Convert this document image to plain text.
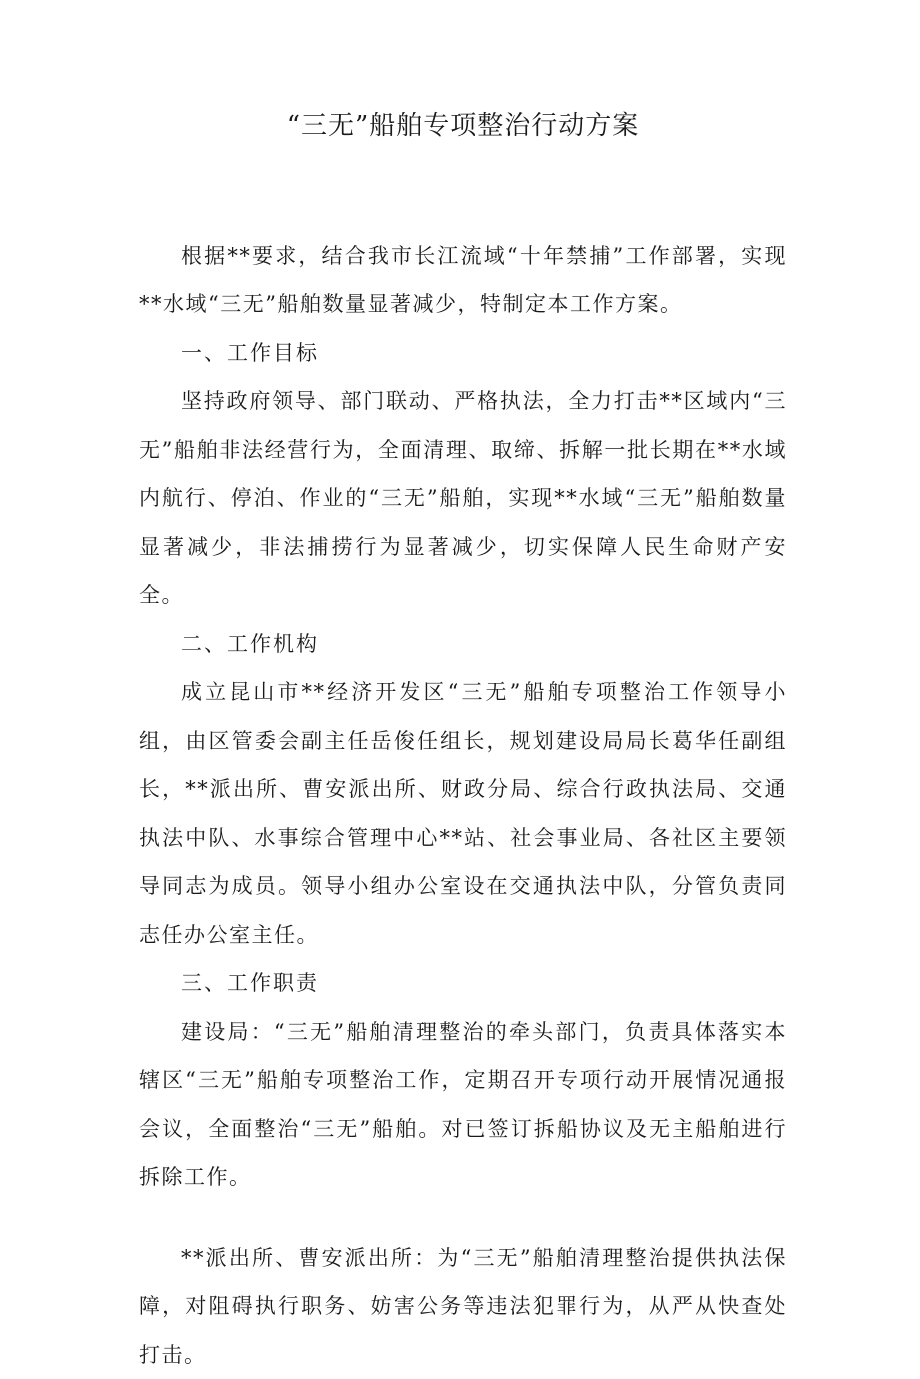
“三无”船舶专项整治行动方案

根据**要求，结合我市长江流域“十年禁捕”工作部署，实现**水域“三无”船舶数量显著减少，特制定本工作方案。

一、工作目标

坚持政府领导、部门联动、严格执法，全力打击**区域内“三无”船舶非法经营行为，全面清理、取缔、拆解一批长期在**水域内航行、停泊、作业的“三无”船舶，实现**水域“三无”船舶数量显著减少，非法捕捞行为显著减少，切实保障人民生命财产安全。

二、工作机构

成立昆山市**经济开发区“三无”船舶专项整治工作领导小组，由区管委会副主任岳俊任组长，规划建设局局长葛华任副组长，**派出所、曹安派出所、财政分局、综合行政执法局、交通执法中队、水事综合管理中心**站、社会事业局、各社区主要领导同志为成员。领导小组办公室设在交通执法中队，分管负责同志任办公室主任。

三、工作职责

建设局：“三无”船舶清理整治的牵头部门，负责具体落实本辖区“三无”船舶专项整治工作，定期召开专项行动开展情况通报会议，全面整治“三无”船舶。对已签订拆船协议及无主船舶进行拆除工作。

**派出所、曹安派出所：为“三无”船舶清理整治提供执法保障，对阻碍执行职务、妨害公务等违法犯罪行为，从严从快查处打击。
